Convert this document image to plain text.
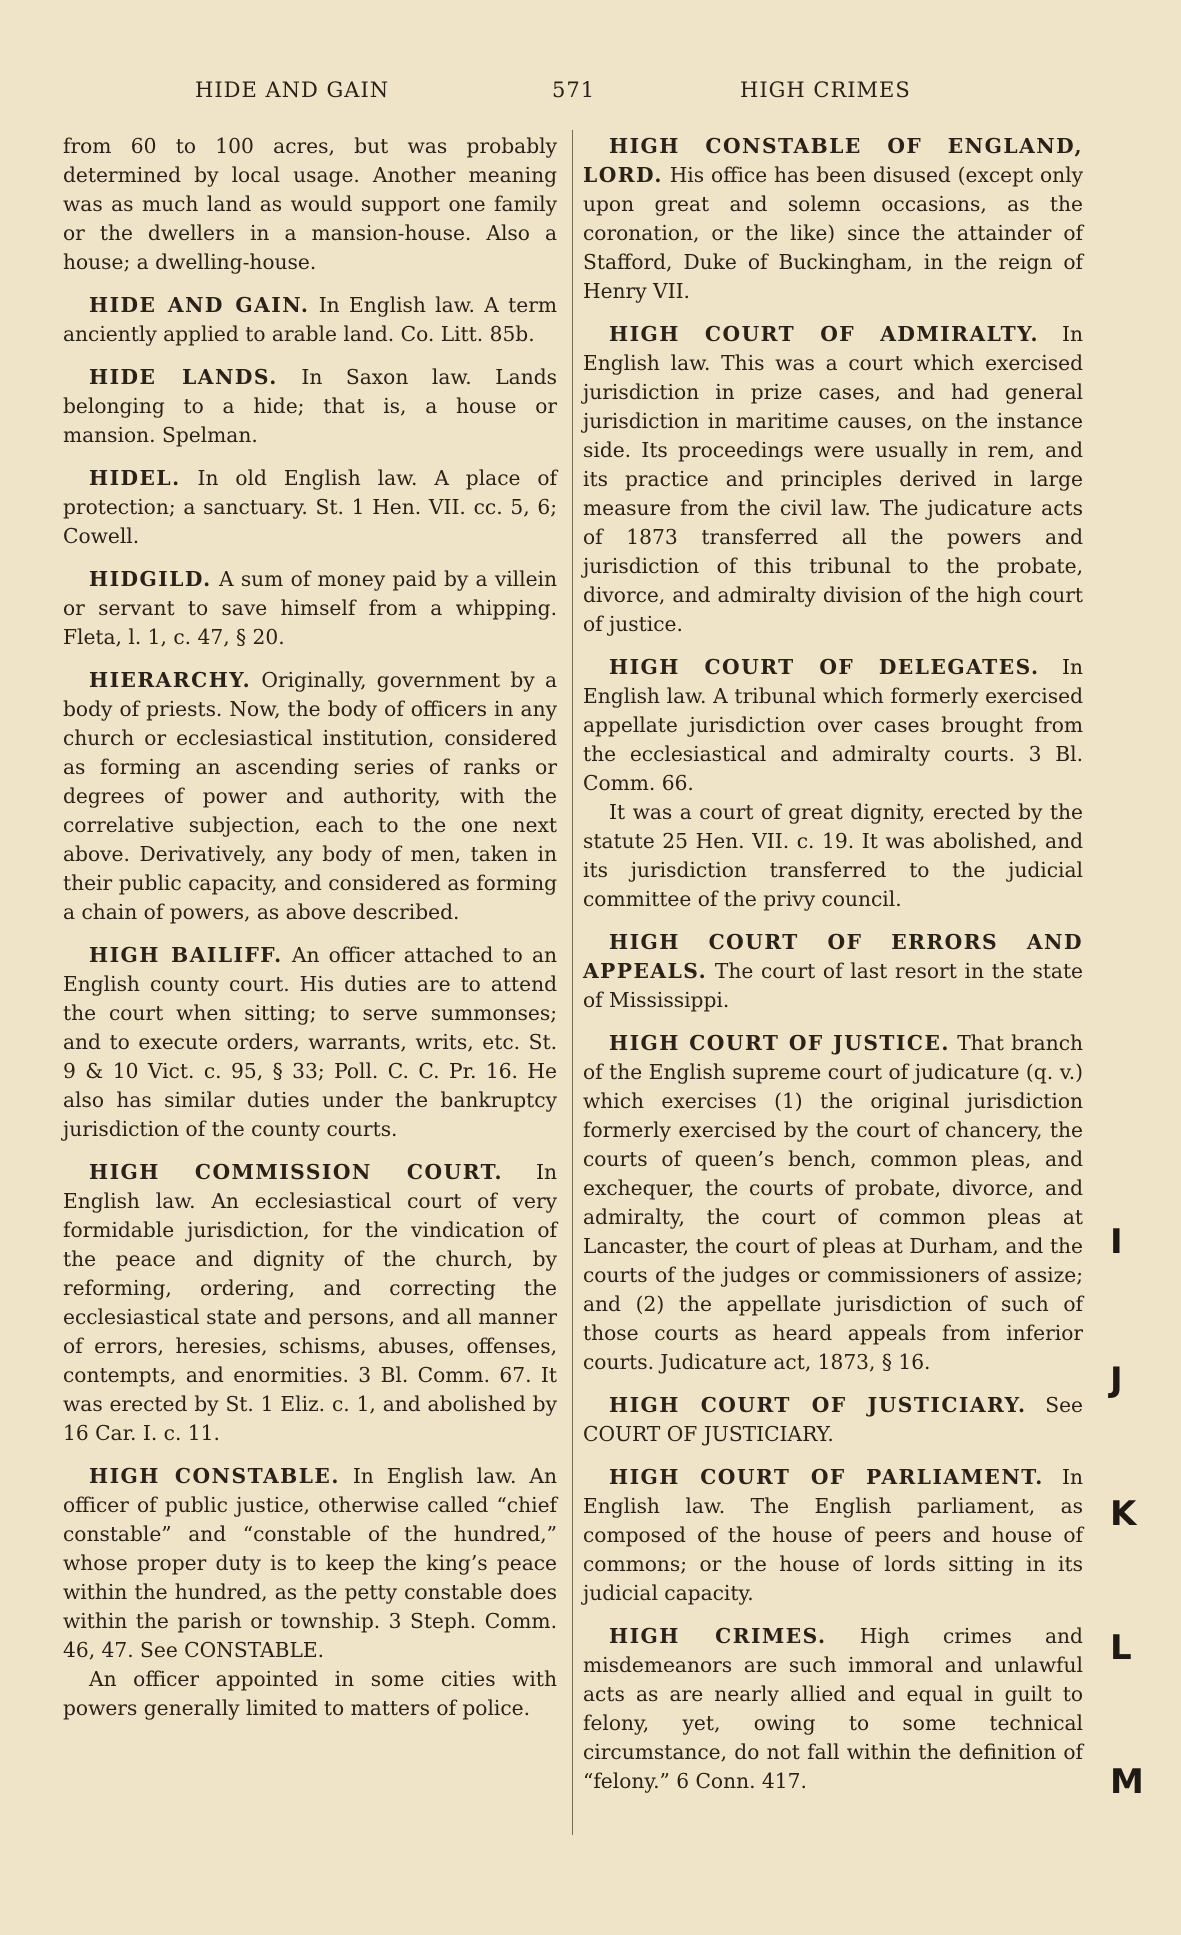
HIDE AND GAIN	571	HIGH CRIMES

from 60 to 100 acres, but was probably determined by local usage. Another meaning was as much land as would support one family or the dwellers in a mansion-house. Also a house; a dwelling-house.

HIDE AND GAIN. In English law. A term anciently applied to arable land. Co. Litt. 85b.

HIDE LANDS. In Saxon law. Lands belonging to a hide; that is, a house or mansion. Spelman.

HIDEL. In old English law. A place of protection; a sanctuary. St. 1 Hen. VII. cc. 5, 6; Cowell.

HIDGILD. A sum of money paid by a villein or servant to save himself from a whipping. Fleta, l. 1, c. 47, § 20.

HIERARCHY. Originally, government by a body of priests. Now, the body of officers in any church or ecclesiastical institution, considered as forming an ascending series of ranks or degrees of power and authority, with the correlative subjection, each to the one next above. Derivatively, any body of men, taken in their public capacity, and considered as forming a chain of powers, as above described.

HIGH BAILIFF. An officer attached to an English county court. His duties are to attend the court when sitting; to serve summonses; and to execute orders, warrants, writs, etc. St. 9 & 10 Vict. c. 95, § 33; Poll. C. C. Pr. 16. He also has similar duties under the bankruptcy jurisdiction of the county courts.

HIGH COMMISSION COURT. In English law. An ecclesiastical court of very formidable jurisdiction, for the vindication of the peace and dignity of the church, by reforming, ordering, and correcting the ecclesiastical state and persons, and all manner of errors, heresies, schisms, abuses, offenses, contempts, and enormities. 3 Bl. Comm. 67. It was erected by St. 1 Eliz. c. 1, and abolished by 16 Car. I. c. 11.

HIGH CONSTABLE. In English law. An officer of public justice, otherwise called “chief constable” and “constable of the hundred,” whose proper duty is to keep the king’s peace within the hundred, as the petty constable does within the parish or township. 3 Steph. Comm. 46, 47. See CONSTABLE.

An officer appointed in some cities with powers generally limited to matters of police.

HIGH CONSTABLE OF ENGLAND, LORD. His office has been disused (except only upon great and solemn occasions, as the coronation, or the like) since the attainder of Stafford, Duke of Buckingham, in the reign of Henry VII.

HIGH COURT OF ADMIRALTY. In English law. This was a court which exercised jurisdiction in prize cases, and had general jurisdiction in maritime causes, on the instance side. Its proceedings were usually in rem, and its practice and principles derived in large measure from the civil law. The judicature acts of 1873 transferred all the powers and jurisdiction of this tribunal to the probate, divorce, and admiralty division of the high court of justice.

HIGH COURT OF DELEGATES. In English law. A tribunal which formerly exercised appellate jurisdiction over cases brought from the ecclesiastical and admiralty courts. 3 Bl. Comm. 66.

It was a court of great dignity, erected by the statute 25 Hen. VII. c. 19. It was abolished, and its jurisdiction transferred to the judicial committee of the privy council.

HIGH COURT OF ERRORS AND APPEALS. The court of last resort in the state of Mississippi.

HIGH COURT OF JUSTICE. That branch of the English supreme court of judicature (q. v.) which exercises (1) the original jurisdiction formerly exercised by the court of chancery, the courts of queen’s bench, common pleas, and exchequer, the courts of probate, divorce, and admiralty, the court of common pleas at Lancaster, the court of pleas at Durham, and the courts of the judges or commissioners of assize; and (2) the appellate jurisdiction of such of those courts as heard appeals from inferior courts. Judicature act, 1873, § 16.

HIGH COURT OF JUSTICIARY. See COURT OF JUSTICIARY.

HIGH COURT OF PARLIAMENT. In English law. The English parliament, as composed of the house of peers and house of commons; or the house of lords sitting in its judicial capacity.

HIGH CRIMES. High crimes and misdemeanors are such immoral and unlawful acts as are nearly allied and equal in guilt to felony, yet, owing to some technical circumstance, do not fall within the definition of “felony.” 6 Conn. 417.

I
J
K
L
M
